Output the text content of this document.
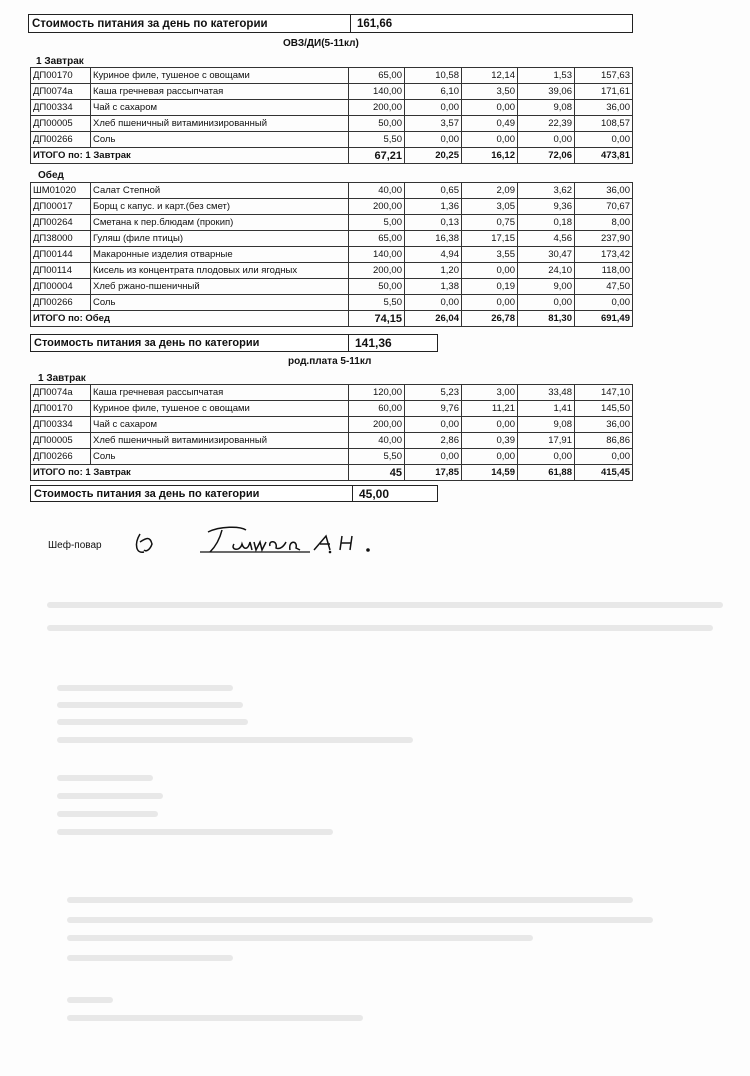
Стоимость питания за день по категории	161,66
ОВЗ/ДИ(5-11кл)
1 Завтрак
ДП00170	Куриное филе, тушеное с овощами	65,00	10,58	12,14	1,53	157,63
ДП0074а	Каша гречневая рассыпчатая	140,00	6,10	3,50	39,06	171,61
ДП00334	Чай с сахаром	200,00	0,00	0,00	9,08	36,00
ДП00005	Хлеб пшеничный витаминизированный	50,00	3,57	0,49	22,39	108,57
ДП00266	Соль	5,50	0,00	0,00	0,00	0,00
ИТОГО по: 1 Завтрак		67,21	20,25	16,12	72,06	473,81
Обед
ШМ01020	Салат Степной	40,00	0,65	2,09	3,62	36,00
ДП00017	Борщ с капус. и карт.(без смет)	200,00	1,36	3,05	9,36	70,67
ДП00264	Сметана к пер.блюдам (прокип)	5,00	0,13	0,75	0,18	8,00
ДП38000	Гуляш (филе птицы)	65,00	16,38	17,15	4,56	237,90
ДП00144	Макаронные изделия отварные	140,00	4,94	3,55	30,47	173,42
ДП00114	Кисель из концентрата плодовых или ягодных	200,00	1,20	0,00	24,10	118,00
ДП00004	Хлеб ржано-пшеничный	50,00	1,38	0,19	9,00	47,50
ДП00266	Соль	5,50	0,00	0,00	0,00	0,00
ИТОГО по: Обед		74,15	26,04	26,78	81,30	691,49
Стоимость питания за день по категории	141,36
род.плата 5-11кл
1 Завтрак
ДП0074а	Каша гречневая рассыпчатая	120,00	5,23	3,00	33,48	147,10
ДП00170	Куриное филе, тушеное с овощами	60,00	9,76	11,21	1,41	145,50
ДП00334	Чай с сахаром	200,00	0,00	0,00	9,08	36,00
ДП00005	Хлеб пшеничный витаминизированный	40,00	2,86	0,39	17,91	86,86
ДП00266	Соль	5,50	0,00	0,00	0,00	0,00
ИТОГО по: 1 Завтрак		45	17,85	14,59	61,88	415,45
Стоимость питания за день по категории	45,00
Шеф-повар
